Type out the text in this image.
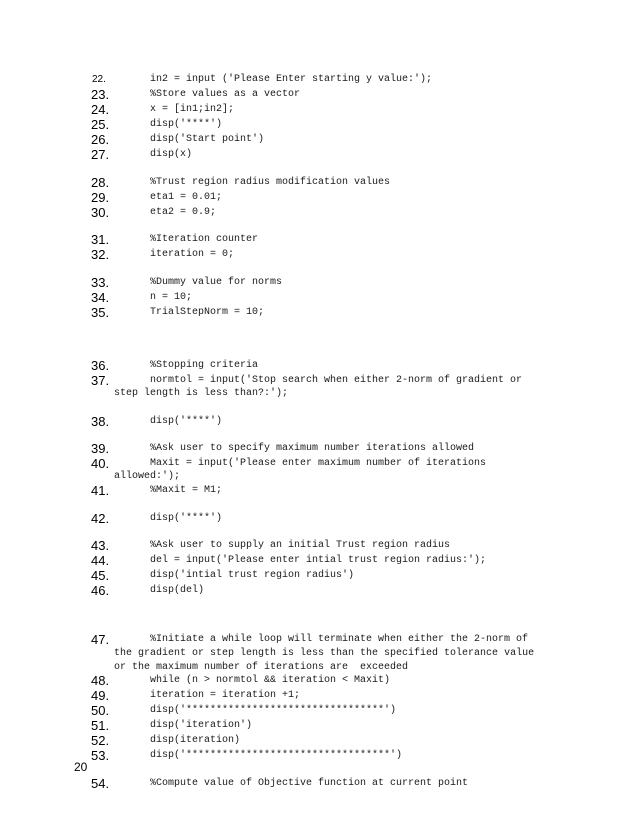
22.	in2 = input ('Please Enter starting y value:');
23.	%Store values as a vector
24.	x = [in1;in2];
25.	disp('****')
26.	disp('Start point')
27.	disp(x)
28.	%Trust region radius modification values
29.	eta1 = 0.01;
30.	eta2 = 0.9;
31.	%Iteration counter
32.	iteration = 0;
33.	%Dummy value for norms
34.	n = 10;
35.	TrialStepNorm = 10;
36.	%Stopping criteria
37.	normtol = input('Stop search when either 2-norm of gradient or
step length is less than?:');
38.	disp('****')
39.	%Ask user to specify maximum number iterations allowed
40.	Maxit = input('Please enter maximum number of iterations
allowed:');
41.	%Maxit = M1;
42.	disp('****')
43.	%Ask user to supply an initial Trust region radius
44.	del = input('Please enter intial trust region radius:');
45.	disp('intial trust region radius')
46.	disp(del)
47.	%Initiate a while loop will terminate when either the 2-norm of
the gradient or step length is less than the specified tolerance value
or the maximum number of iterations are  exceeded
48.	while (n > normtol && iteration < Maxit)
49.	iteration = iteration +1;
50.	disp('*********************************')
51.	disp('iteration')
52.	disp(iteration)
53.	disp('**********************************')
54.	%Compute value of Objective function at current point
20
